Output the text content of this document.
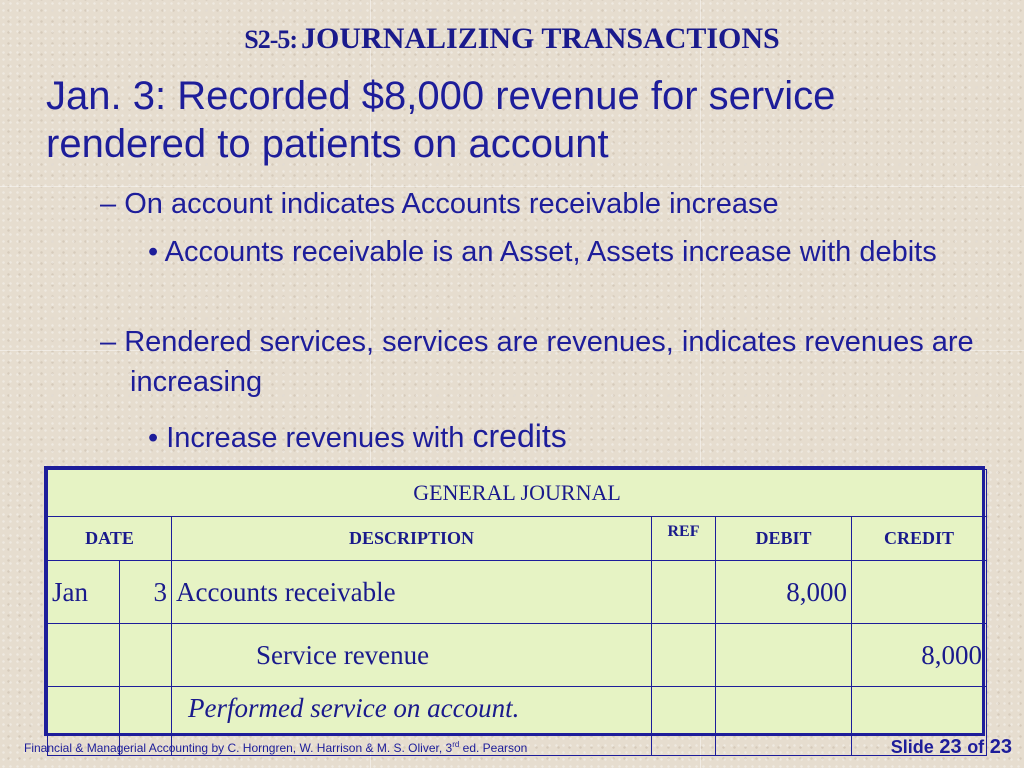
S2-5: JOURNALIZING TRANSACTIONS
Jan. 3: Recorded $8,000 revenue for service rendered to patients on account
– On account indicates Accounts receivable increase
• Accounts receivable is an Asset, Assets increase with debits
– Rendered services, services are revenues, indicates revenues are increasing
• Increase revenues with credits
GENERAL JOURNAL					
DATE		DESCRIPTION	REF	DEBIT	CREDIT
Jan	3	Accounts receivable		8,000	
		Service revenue			8,000
		Performed service on account.			
Financial & Managerial Accounting by C. Horngren, W. Harrison & M. S. Oliver, 3rd ed. Pearson	Slide 23 of 23
